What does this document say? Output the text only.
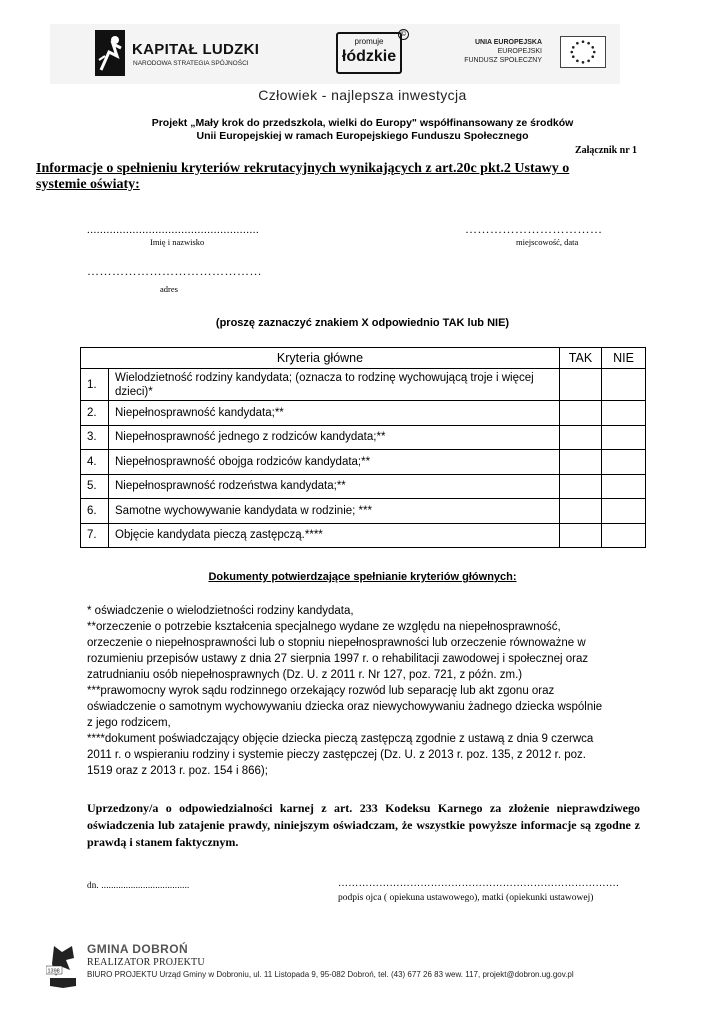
KAPITAŁ LUDZKI
NARODOWA STRATEGIA SPÓJNOŚCI
promuje
łódzkie
©
UNIA EUROPEJSKA
EUROPEJSKI
FUNDUSZ SPOŁECZNY
Człowiek - najlepsza inwestycja
Projekt „Mały krok do przedszkola, wielki do Europy" współfinansowany ze środków
Unii Europejskiej w ramach Europejskiego Funduszu Społecznego
Załącznik nr 1
Informacje o spełnieniu kryteriów rekrutacyjnych wynikających z art.20c pkt.2 Ustawy o
systemie oświaty:
.....................................................
Imię i nazwisko
……………………………
miejscowość, data
……………………………………
adres
(proszę zaznaczyć znakiem X odpowiednio TAK lub NIE)
Kryteria główne		TAK	NIE
1.	Wielodzietność rodziny kandydata; (oznacza to rodzinę wychowującą troje i więcej
dzieci)*		

2.	Niepełnosprawność kandydata;**		
3.	Niepełnosprawność jednego z rodziców kandydata;**		
4.	Niepełnosprawność obojga rodziców kandydata;**		
5.	Niepełnosprawność rodzeństwa kandydata;**		
6.	Samotne wychowywanie kandydata w rodzinie; ***		
7.	Objęcie kandydata pieczą zastępczą.****		
Dokumenty potwierdzające spełnianie kryteriów głównych:
* oświadczenie o wielodzietności rodziny kandydata,
**orzeczenie o potrzebie kształcenia specjalnego wydane ze względu na niepełnosprawność,
orzeczenie o niepełnosprawności lub o stopniu niepełnosprawności lub orzeczenie równoważne w
rozumieniu przepisów ustawy z dnia 27 sierpnia 1997 r. o rehabilitacji zawodowej i społecznej oraz
zatrudnianiu osób niepełnosprawnych (Dz. U. z 2011 r. Nr 127, poz. 721, z późn. zm.)
***prawomocny wyrok sądu rodzinnego orzekający rozwód lub separację lub akt zgonu oraz
oświadczenie o samotnym wychowywaniu dziecka oraz niewychowywaniu żadnego dziecka wspólnie
z jego rodzicem,
****dokument poświadczający objęcie dziecka pieczą zastępczą zgodnie z ustawą z dnia 9 czerwca
2011 r. o wspieraniu rodziny i systemie pieczy zastępczej (Dz. U. z 2013 r. poz. 135, z 2012 r. poz.
1519 oraz z 2013 r. poz. 154 i 866);
Uprzedzony/a o odpowiedzialności karnej z art. 233 Kodeksu Karnego za złożenie nieprawdziwego oświadczenia lub zatajenie prawdy, niniejszym oświadczam, że wszystkie powyższe informacje są zgodne z prawdą i stanem faktycznym.
dn. ....................................	……………………………………………………………………….
podpis ojca ( opiekuna ustawowego), matki (opiekunki ustawowej)
1398
GMINA DOBROŃ
REALIZATOR PROJEKTU
BIURO PROJEKTU Urząd Gminy w Dobroniu, ul. 11 Listopada 9, 95-082 Dobroń, tel. (43) 677 26 83 wew. 117, projekt@dobron.ug.gov.pl
